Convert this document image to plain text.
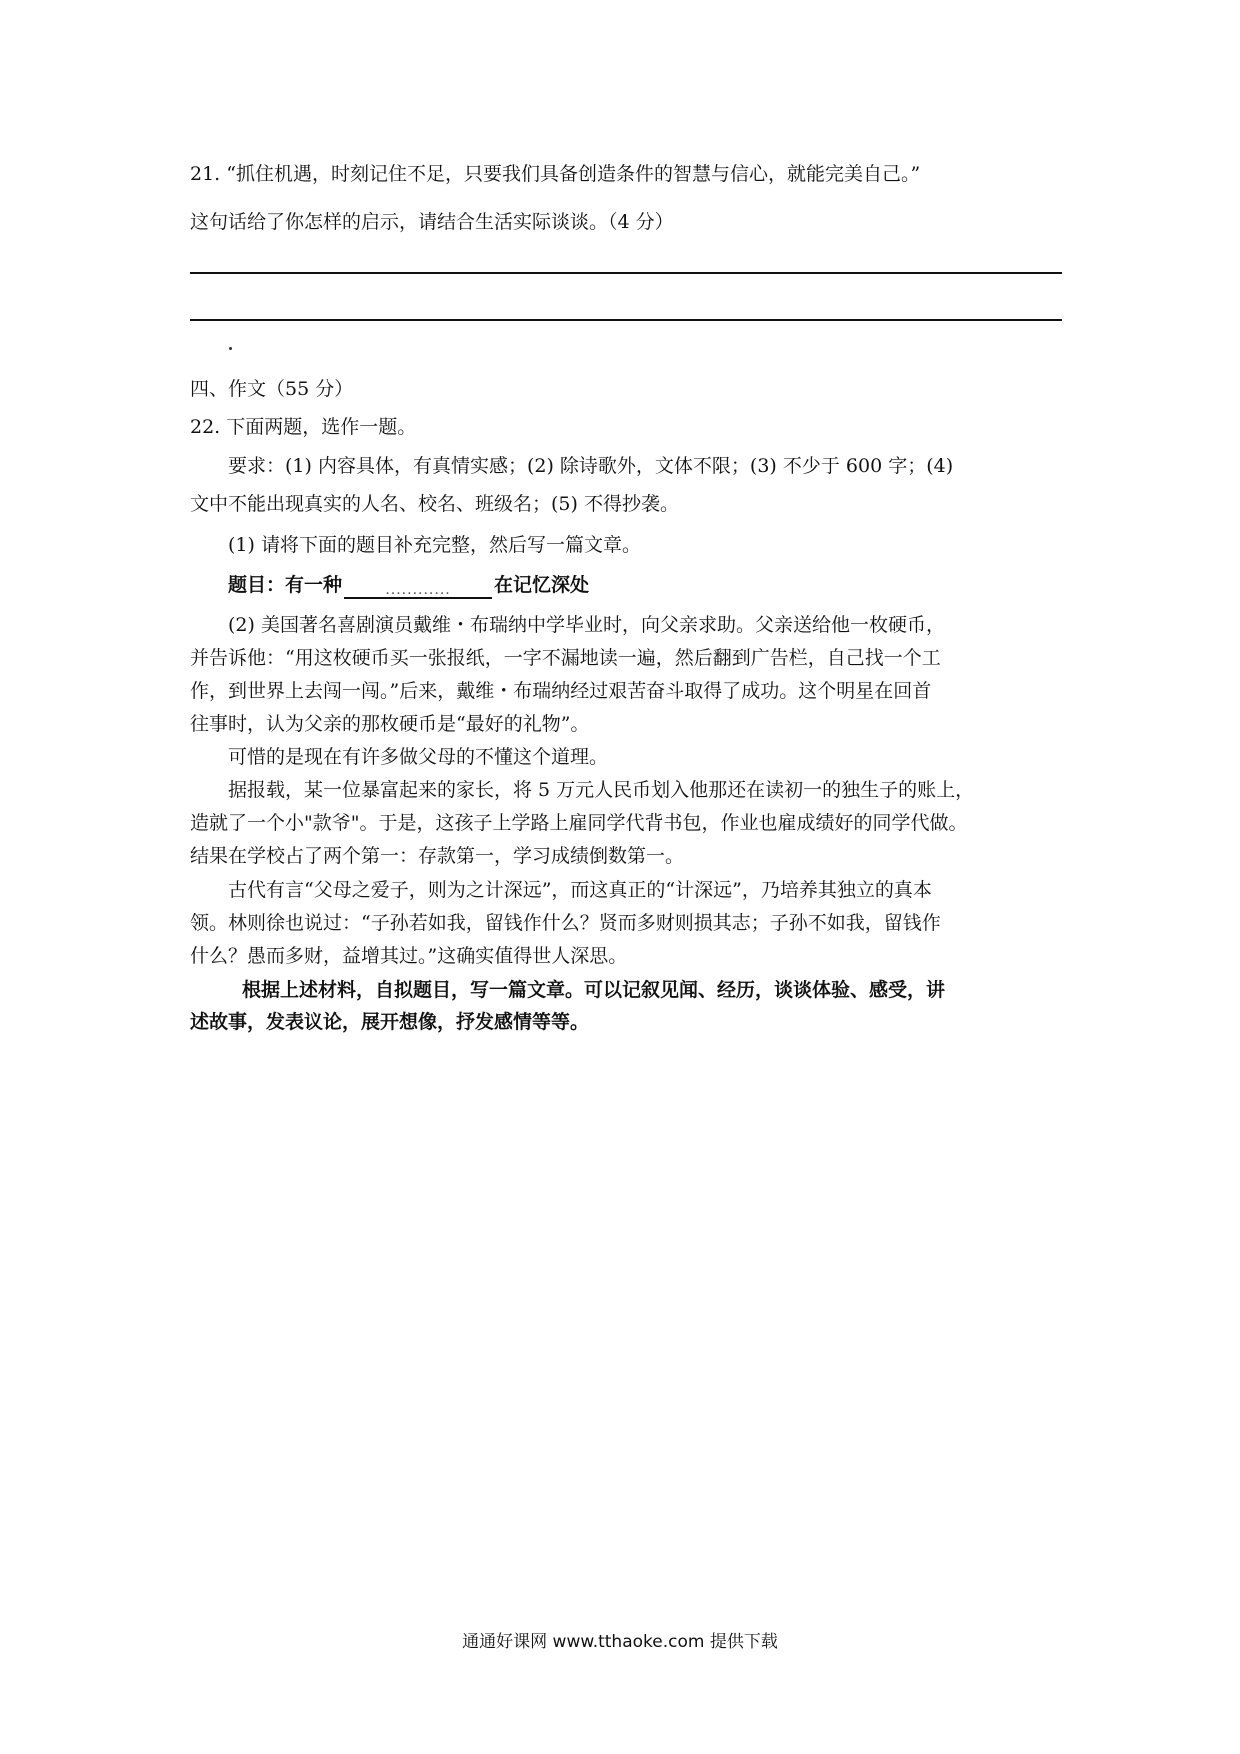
21. “抓住机遇，时刻记住不足，只要我们具备创造条件的智慧与信心，就能完美自己。”
这句话给了你怎样的启示，请结合生活实际谈谈。（4 分）
四、作文（55 分）
22. 下面两题，选作一题。
要求：(1) 内容具体，有真情实感；(2) 除诗歌外，文体不限；(3) 不少于 600 字；(4)
文中不能出现真实的人名、校名、班级名；(5) 不得抄袭。
(1) 请将下面的题目补充完整，然后写一篇文章。
题目：有一种	............ 在记忆深处
(2) 美国著名喜剧演员戴维・布瑞纳中学毕业时，向父亲求助。父亲送给他一枚硬币，
并告诉他：“用这枚硬币买一张报纸，一字不漏地读一遍，然后翻到广告栏，自己找一个工
作，到世界上去闯一闯。”后来，戴维・布瑞纳经过艰苦奋斗取得了成功。这个明星在回首
往事时，认为父亲的那枚硬币是“最好的礼物”。
可惜的是现在有许多做父母的不懂这个道理。
据报载，某一位暴富起来的家长，将 5 万元人民币划入他那还在读初一的独生子的账上，
造就了一个小"款爷"。于是，这孩子上学路上雇同学代背书包，作业也雇成绩好的同学代做。
结果在学校占了两个第一：存款第一，学习成绩倒数第一。
古代有言“父母之爱子，则为之计深远”，而这真正的“计深远”，乃培养其独立的真本
领。林则徐也说过：“子孙若如我，留钱作什么？贤而多财则损其志；子孙不如我，留钱作
什么？愚而多财，益增其过。”这确实值得世人深思。
根据上述材料，自拟题目，写一篇文章。可以记叙见闻、经历，谈谈体验、感受，讲
述故事，发表议论，展开想像，抒发感情等等。
通通好课网 www.tthaoke.com 提供下载
